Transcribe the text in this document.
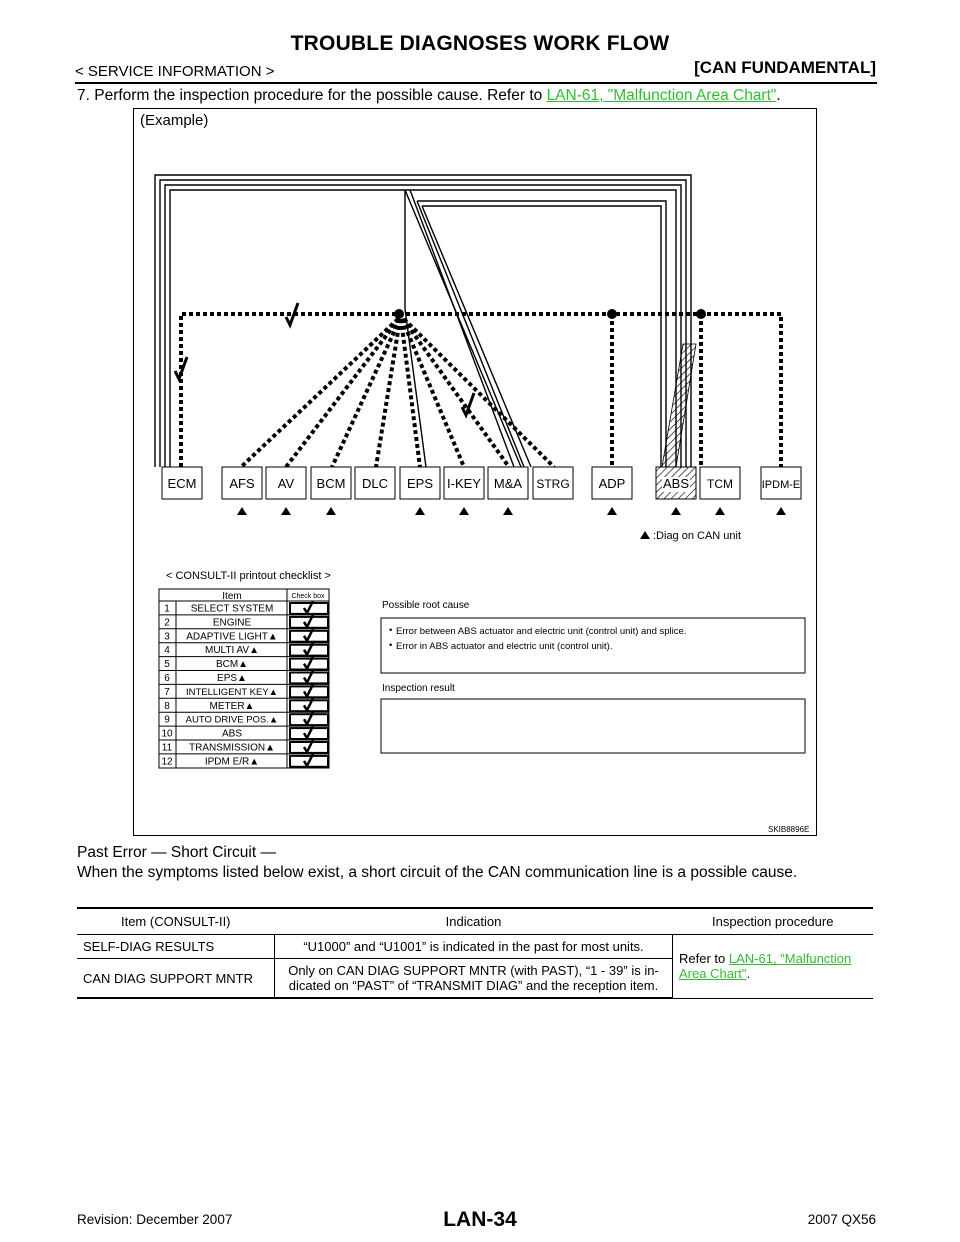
TROUBLE DIAGNOSES WORK FLOW
< SERVICE INFORMATION >	[CAN FUNDAMENTAL]
7. Perform the inspection procedure for the possible cause. Refer to LAN-61, "Malfunction Area Chart".
(Example)
ECM	AFS AV BCM DLC EPS I-KEY M&A STRG ADP	ABS TCM	IPDM-E
:Diag on CAN unit
< CONSULT-II printout checklist >
Item	Check box
1 SELECT SYSTEM
2	ENGINE
3 ADAPTIVE LIGHT▲
4	MULTI AV▲
5	BCM▲
6	EPS▲
7 INTELLIGENT KEY▲
8	METER▲
9 AUTO DRIVE POS.▲
10	ABS
11 TRANSMISSION▲
12	IPDM E/R▲
Possible root cause
• Error between ABS actuator and electric unit (control unit) and splice.
• Error in ABS actuator and electric unit (control unit).
Inspection result
SKIB8896E
Past Error — Short Circuit —
When the symptoms listed below exist, a short circuit of the CAN communication line is a possible cause.
Item (CONSULT-II)	Indication	Inspection procedure
SELF-DIAG RESULTS	“U1000” and “U1001” is indicated in the past for most units.	Refer to LAN-61, "Malfunction Area Chart".
CAN DIAG SUPPORT MNTR	Only on CAN DIAG SUPPORT MNTR (with PAST), “1 - 39” is in-dicated on “PAST” of “TRANSMIT DIAG” and the reception item.	
LAN-34
Revision: December 2007	2007 QX56
